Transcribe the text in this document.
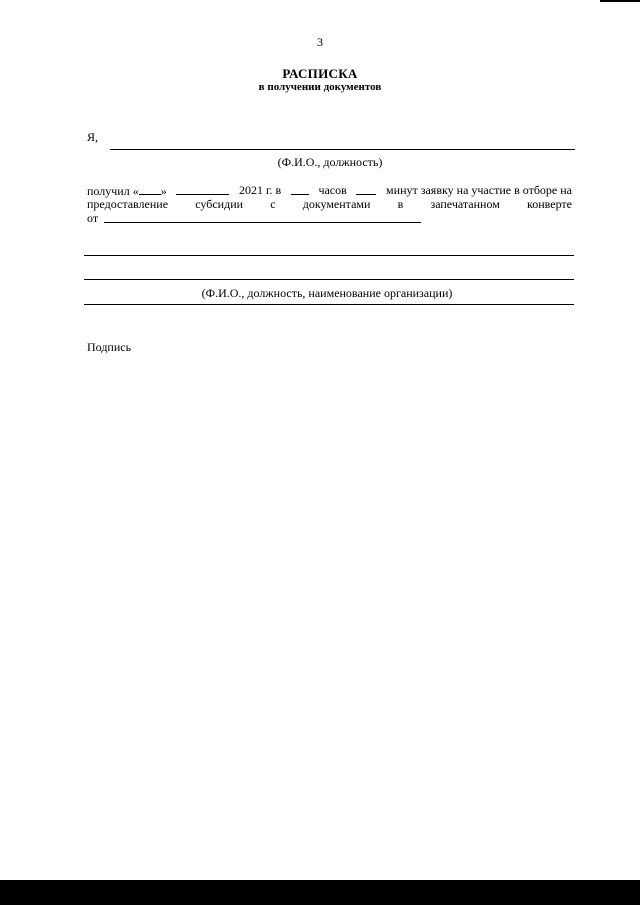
3
РАСПИСКА
в получении документов
Я,
(Ф.И.О., должность)
получил « »	2021 г. в	часов	минут заявку на участие в отборе на
предоставление субсидии с документами в запечатанном конверте
от
(Ф.И.О., должность, наименование организации)
Подпись
